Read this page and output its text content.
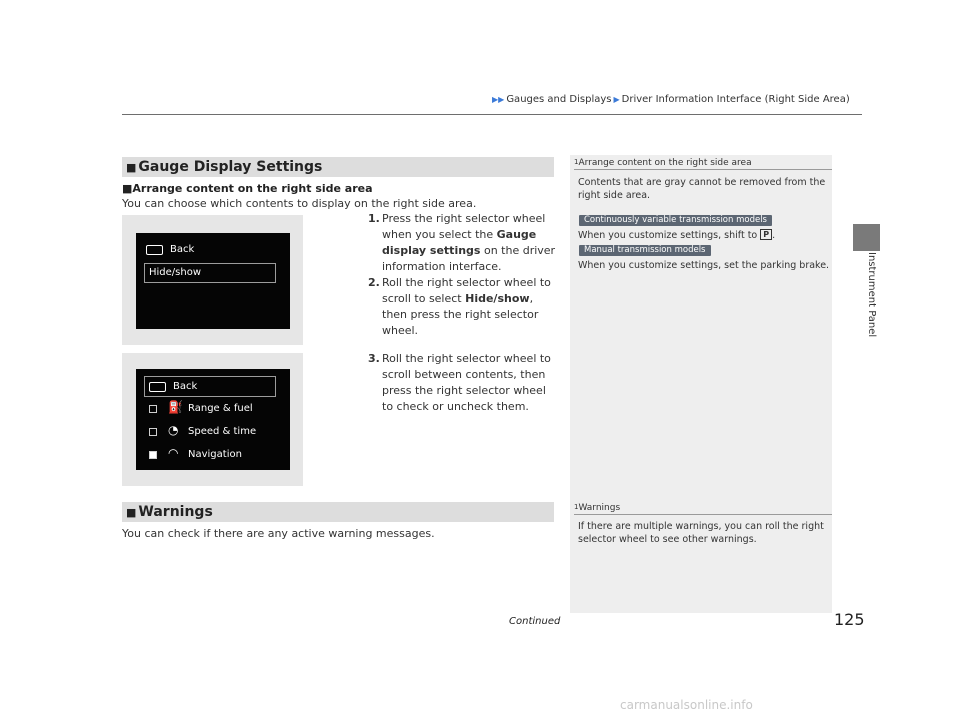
▶▶ Gauges and Displays ▶ Driver Information Interface (Right Side Area)
Instrument Panel
■ Gauge Display Settings
■Arrange content on the right side area
You can choose which contents to display on the right side area.
Back
Hide/show
1. Press the right selector wheel when you select the Gauge display settings on the driver information interface.
2. Roll the right selector wheel to scroll to select Hide/show, then press the right selector wheel.
3. Roll the right selector wheel to scroll between contents, then press the right selector wheel to check or uncheck them.
Back
⛽ Range & fuel
◔ Speed & time
◠ Navigation
■ Warnings
You can check if there are any active warning messages.
1Arrange content on the right side area
Contents that are gray cannot be removed from the right side area.
Continuously variable transmission models
When you customize settings, shift to P .
Manual transmission models
When you customize settings, set the parking brake.
1Warnings
If there are multiple warnings, you can roll the right selector wheel to see other warnings.
Continued	125
carmanualsonline.info
